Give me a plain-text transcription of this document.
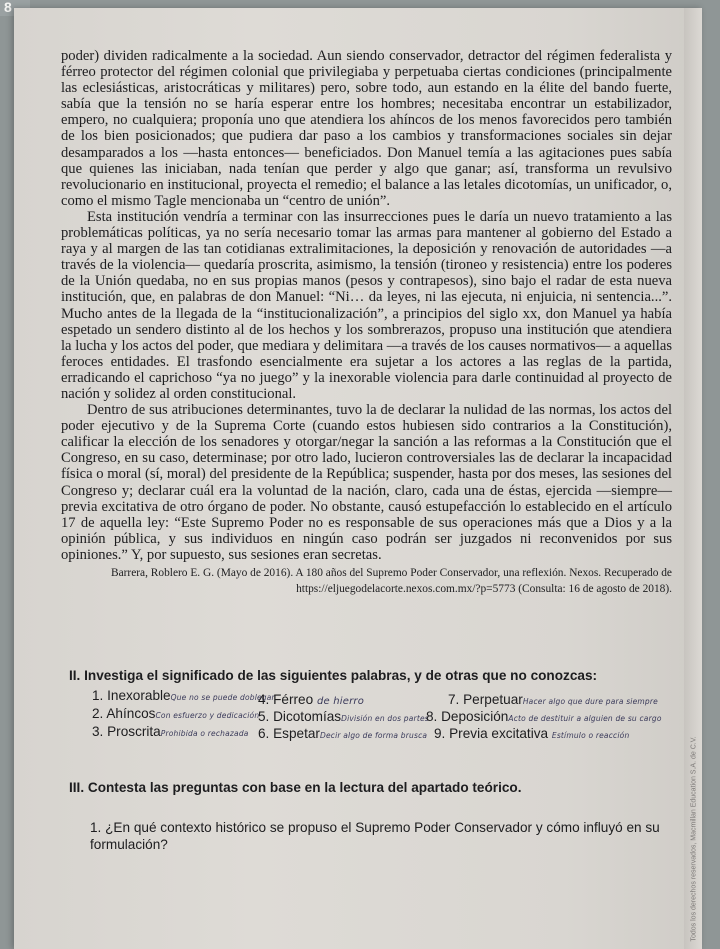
8

poder) dividen radicalmente a la sociedad. Aun siendo conservador, detractor del régimen federalista y férreo protector del régimen colonial que privilegiaba y perpetuaba ciertas condiciones (principalmente las eclesiásticas, aristocráticas y militares) pero, sobre todo, aun estando en la élite del bando fuerte, sabía que la tensión no se haría esperar entre los hombres; necesitaba encontrar un estabilizador, empero, no cualquiera; proponía uno que atendiera los ahíncos de los menos favorecidos pero también de los bien posicionados; que pudiera dar paso a los cambios y transformaciones sociales sin dejar desamparados a los —hasta entonces— beneficiados. Don Manuel temía a las agitaciones pues sabía que quienes las iniciaban, nada tenían que perder y algo que ganar; así, transforma un revulsivo revolucionario en institucional, proyecta el remedio; el balance a las letales dicotomías, un unificador, o, como el mismo Tagle mencionaba un “centro de unión”.

Esta institución vendría a terminar con las insurrecciones pues le daría un nuevo tratamiento a las problemáticas políticas, ya no sería necesario tomar las armas para mantener al gobierno del Estado a raya y al margen de las tan cotidianas extralimitaciones, la deposición y renovación de autoridades —a través de la violencia— quedaría proscrita, asimismo, la tensión (tironeo y resistencia) entre los poderes de la Unión quedaba, no en sus propias manos (pesos y contrapesos), sino bajo el radar de esta nueva institución, que, en palabras de don Manuel: “Ni… da leyes, ni las ejecuta, ni enjuicia, ni sentencia...”. Mucho antes de la llegada de la “institucionalización”, a principios del siglo xx, don Manuel ya había espetado un sendero distinto al de los hechos y los sombrerazos, propuso una institución que atendiera la lucha y los actos del poder, que mediara y delimitara —a través de los causes normativos— a aquellas feroces entidades. El trasfondo esencialmente era sujetar a los actores a las reglas de la partida, erradicando el caprichoso “ya no juego” y la inexorable violencia para darle continuidad al proyecto de nación y solidez al orden constitucional.

Dentro de sus atribuciones determinantes, tuvo la de declarar la nulidad de las normas, los actos del poder ejecutivo y de la Suprema Corte (cuando estos hubiesen sido contrarios a la Constitución), calificar la elección de los senadores y otorgar/negar la sanción a las reformas a la Constitución que el Congreso, en su caso, determinase; por otro lado, lucieron controversiales las de declarar la incapacidad física o moral (sí, moral) del presidente de la República; suspender, hasta por dos meses, las sesiones del Congreso y; declarar cuál era la voluntad de la nación, claro, cada una de éstas, ejercida —siempre— previa excitativa de otro órgano de poder. No obstante, causó estupefacción lo establecido en el artículo 17 de aquella ley: “Este Supremo Poder no es responsable de sus operaciones más que a Dios y a la opinión pública, y sus individuos en ningún caso podrán ser juzgados ni reconvenidos por sus opiniones.” Y, por supuesto, sus sesiones eran secretas.

Barrera, Roblero E. G. (Mayo de 2016). A 180 años del Supremo Poder Conservador, una reflexión. Nexos. Recuperado de
https://eljuegodelacorte.nexos.com.mx/?p=5773 (Consulta: 16 de agosto de 2018).
II. Investiga el significado de las siguientes palabras, y de otras que no conozcas:
1. InexorableQue no se puede doblegar
2. AhíncosCon esfuerzo y dedicación
3. ProscritaProhibida o rechazada
4. Férreo de hierro
5. DicotomíasDivisión en dos partes
6. EspetarDecir algo de forma brusca
7. PerpetuarHacer algo que dure para siempre
8. DeposiciónActo de destituir a alguien de su cargo
9. Previa excitativa Estímulo o reacción
III. Contesta las preguntas con base en la lectura del apartado teórico.
1. ¿En qué contexto histórico se propuso el Supremo Poder Conservador y cómo influyó en su formulación?	Todos los derechos reservados, Macmillan Education S.A. de C.V.
